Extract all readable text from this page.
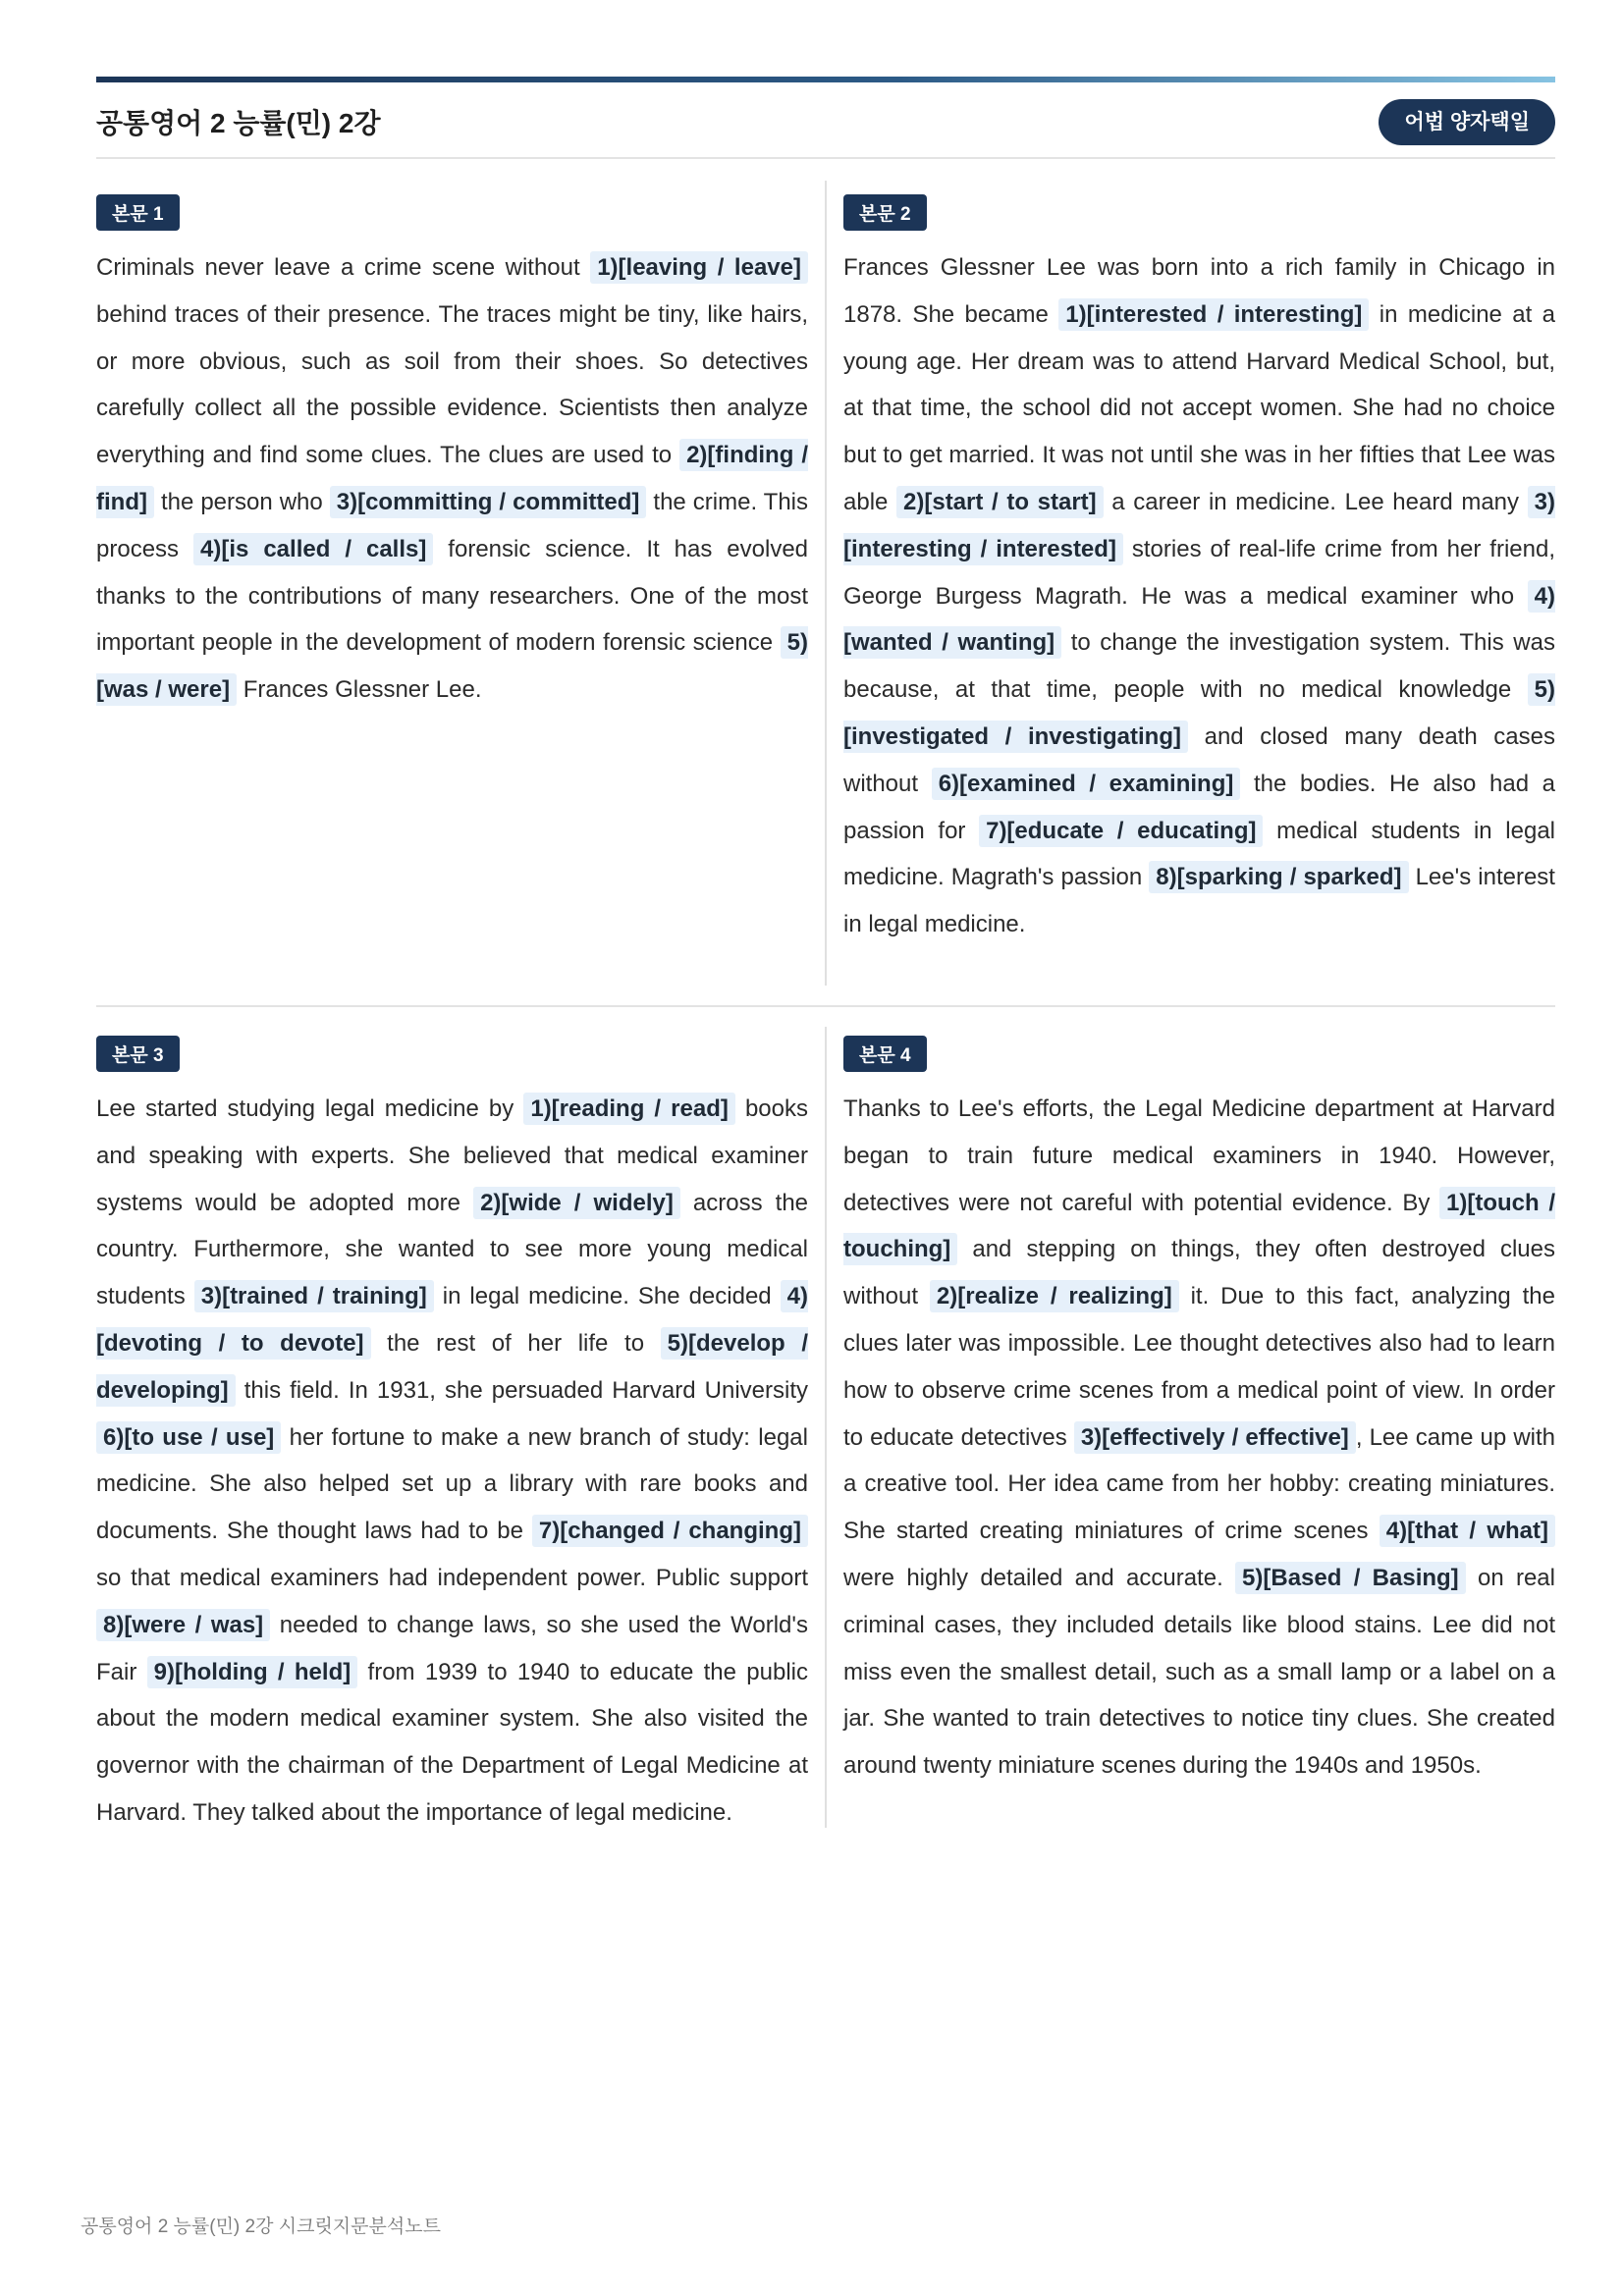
공통영어 2 능률(민) 2강	어법 양자택일
본문 1
Criminals never leave a crime scene without 1)[leaving / leave] behind traces of their presence. The traces might be tiny, like hairs, or more obvious, such as soil from their shoes. So detectives carefully collect all the possible evidence. Scientists then analyze everything and find some clues. The clues are used to 2)[finding / find] the person who 3)[committing / committed] the crime. This process 4)[is called / calls] forensic science. It has evolved thanks to the contributions of many researchers. One of the most important people in the development of modern forensic science 5)[was / were] Frances Glessner Lee.
본문 2
Frances Glessner Lee was born into a rich family in Chicago in 1878. She became 1)[interested / interesting] in medicine at a young age. Her dream was to attend Harvard Medical School, but, at that time, the school did not accept women. She had no choice but to get married. It was not until she was in her fifties that Lee was able 2)[start / to start] a career in medicine. Lee heard many 3)[interesting / interested] stories of real-life crime from her friend, George Burgess Magrath. He was a medical examiner who 4)[wanted / wanting] to change the investigation system. This was because, at that time, people with no medical knowledge 5)[investigated / investigating] and closed many death cases without 6)[examined / examining] the bodies. He also had a passion for 7)[educate / educating] medical students in legal medicine. Magrath's passion 8)[sparking / sparked] Lee's interest in legal medicine.
본문 3
Lee started studying legal medicine by 1)[reading / read] books and speaking with experts. She believed that medical examiner systems would be adopted more 2)[wide / widely] across the country. Furthermore, she wanted to see more young medical students 3)[trained / training] in legal medicine. She decided 4)[devoting / to devote] the rest of her life to 5)[develop / developing] this field. In 1931, she persuaded Harvard University 6)[to use / use] her fortune to make a new branch of study: legal medicine. She also helped set up a library with rare books and documents. She thought laws had to be 7)[changed / changing] so that medical examiners had independent power. Public support 8)[were / was] needed to change laws, so she used the World's Fair 9)[holding / held] from 1939 to 1940 to educate the public about the modern medical examiner system. She also visited the governor with the chairman of the Department of Legal Medicine at Harvard. They talked about the importance of legal medicine.
본문 4
Thanks to Lee's efforts, the Legal Medicine department at Harvard began to train future medical examiners in 1940. However, detectives were not careful with potential evidence. By 1)[touch / touching] and stepping on things, they often destroyed clues without 2)[realize / realizing] it. Due to this fact, analyzing the clues later was impossible. Lee thought detectives also had to learn how to observe crime scenes from a medical point of view. In order to educate detectives 3)[effectively / effective] , Lee came up with a creative tool. Her idea came from her hobby: creating miniatures. She started creating miniatures of crime scenes 4)[that / what] were highly detailed and accurate. 5)[Based / Basing] on real criminal cases, they included details like blood stains. Lee did not miss even the smallest detail, such as a small lamp or a label on a jar. She wanted to train detectives to notice tiny clues. She created around twenty miniature scenes during the 1940s and 1950s.
공통영어 2 능률(민) 2강 시크릿지문분석노트
